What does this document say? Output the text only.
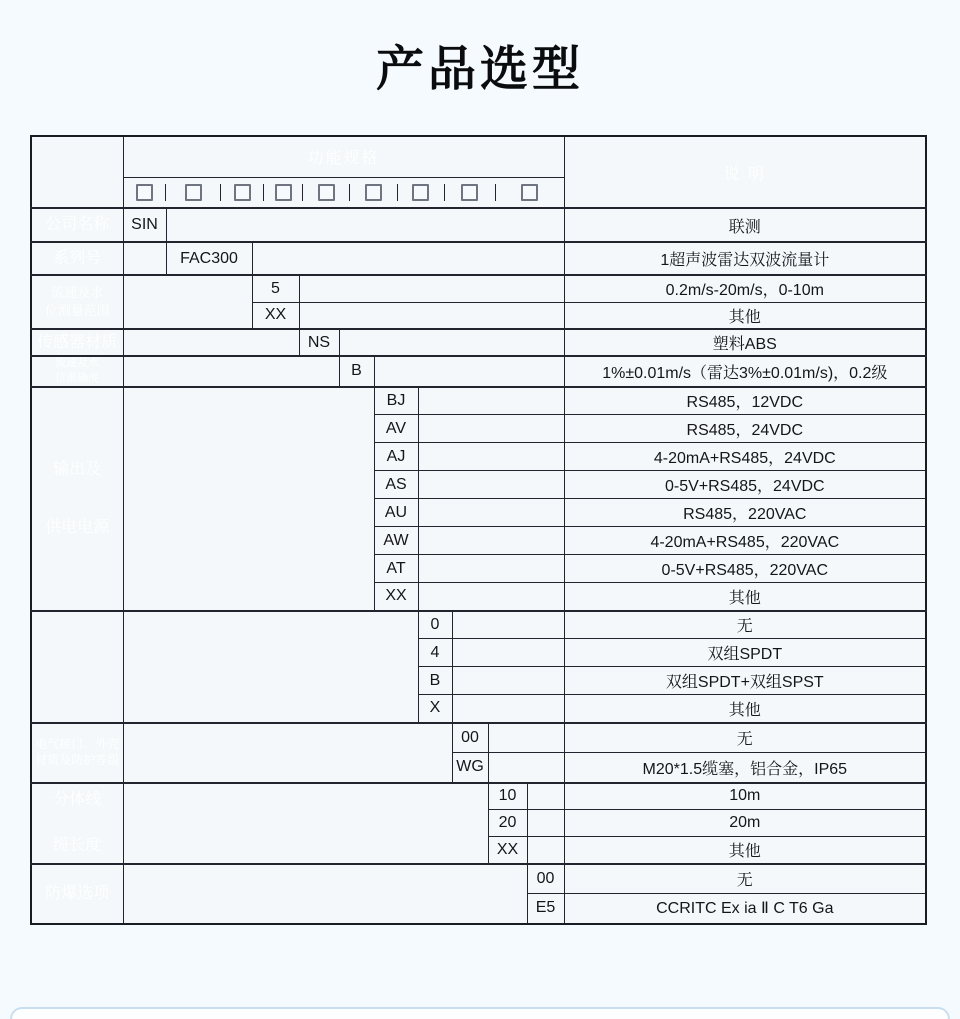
产品选型
	功能规格										说 明

公司名称	SIN										联测

系列号		FAC300									1超声波雷达双波流量计

流速及水
位测量范围			5								0.2m/s-20m/s，0-10m
			XX								其他

传感器材质				NS							塑料ABS

流速及水
位准确度					B						1%±0.01m/s（雷达3%±0.01m/s)，0.2级

输出及
供电电源						BJ					RS485，12VDC
						AV					RS485，24VDC
						AJ					4-20mA+RS485，24VDC
						AS					0-5V+RS485，24VDC
						AU					RS485，220VAC
						AW					4-20mA+RS485，220VAC
						AT					0-5V+RS485，220VAC
						XX					其他

							0				无
							4				双组SPDT
							B				双组SPDT+双组SPST
							X				其他

电气接口、外壳
材质及防护等级								00			无
								WG			M20*1.5缆塞，铝合金，IP65

分体线
缆长度									10		10m
									20		20m
									XX		其他

防爆选项										00	无
										E5	CCRITC Ex ia Ⅱ C T6 Ga
